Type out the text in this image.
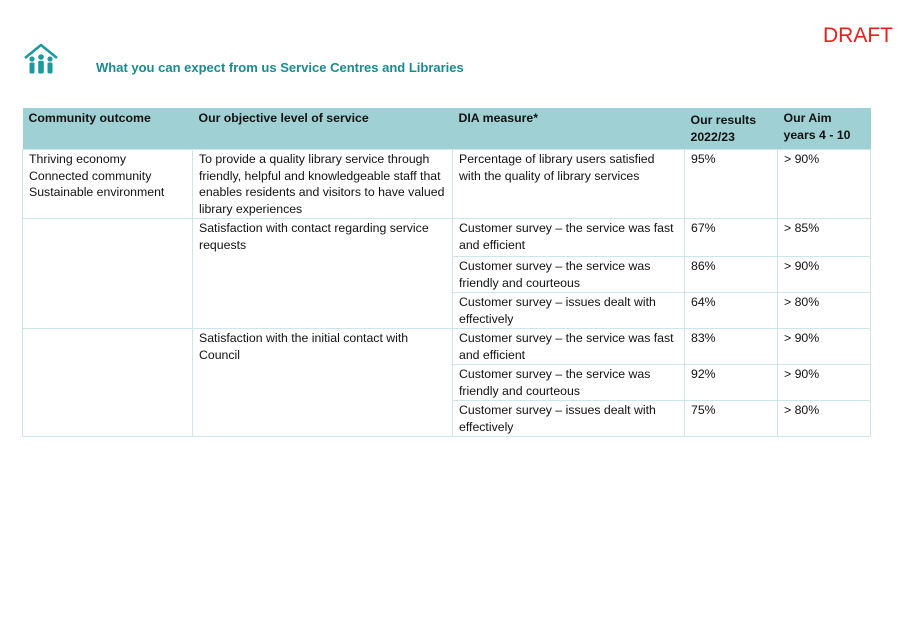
DRAFT
What you can expect from us Service Centres and Libraries
Community outcome	Our objective level of service	DIA measure*	Our results 2022/23	Our Aim years 4 - 10

Thriving economy
Connected community
Sustainable environment	To provide a quality library service through friendly, helpful and knowledgeable staff that enables residents and visitors to have valued library experiences	Percentage of library users satisfied with the quality of library services	95%	> 90%
	Satisfaction with contact regarding service requests	Customer survey – the service was fast and efficient	67%	> 85%
		Customer survey – the service was friendly and courteous	86%	> 90%
		Customer survey – issues dealt with effectively	64%	> 80%
	Satisfaction with the initial contact with Council	Customer survey – the service was fast and efficient	83%	> 90%
		Customer survey – the service was friendly and courteous	92%	> 90%
		Customer survey – issues dealt with effectively	75%	> 80%
